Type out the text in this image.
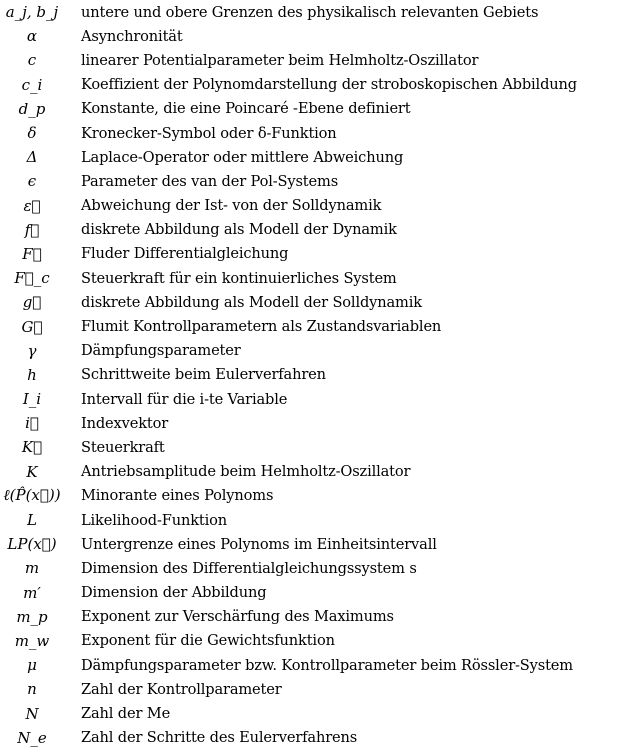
a_j, b_j	untere und obere Grenzen des physikalisch relevanten Gebiets
α	Asynchronität
c	linearer Potentialparameter beim Helmholtz-Oszillator
c_i	Koeffizient der Polynomdarstellung der stroboskopischen Abbildung
d_p	Konstante, die eine Poincaré -Ebene definiert
δ	Kronecker-Symbol oder δ-Funktion
Δ	Laplace-Operator oder mittlere Abweichung
ϵ	Parameter des van der Pol-Systems
ε⃗	Abweichung der Ist- von der Solldynamik
f⃗	diskrete Abbildung als Modell der Dynamik
F⃗	Fluder Differentialgleichung
F⃗_c	Steuerkraft für ein kontinuierliches System
g⃗	diskrete Abbildung als Modell der Solldynamik
G⃗	Flumit Kontrollparametern als Zustandsvariablen
γ	Dämpfungsparameter
h	Schrittweite beim Eulerverfahren
I_i	Intervall für die i-te Variable
i⃗	Indexvektor
K⃗	Steuerkraft
K	Antriebsamplitude beim Helmholtz-Oszillator
ℓ(P̂(x⃗))	Minorante eines Polynoms
L	Likelihood-Funktion
LP(x⃗)	Untergrenze eines Polynoms im Einheitsintervall
m	Dimension des Differentialgleichungssystem s
m′	Dimension der Abbildung
m_p	Exponent zur Verschärfung des Maximums
m_w	Exponent für die Gewichtsfunktion
μ	Dämpfungsparameter bzw. Kontrollparameter beim Rössler-System
n	Zahl der Kontrollparameter
N	Zahl der Me
N_e	Zahl der Schritte des Eulerverfahrens
